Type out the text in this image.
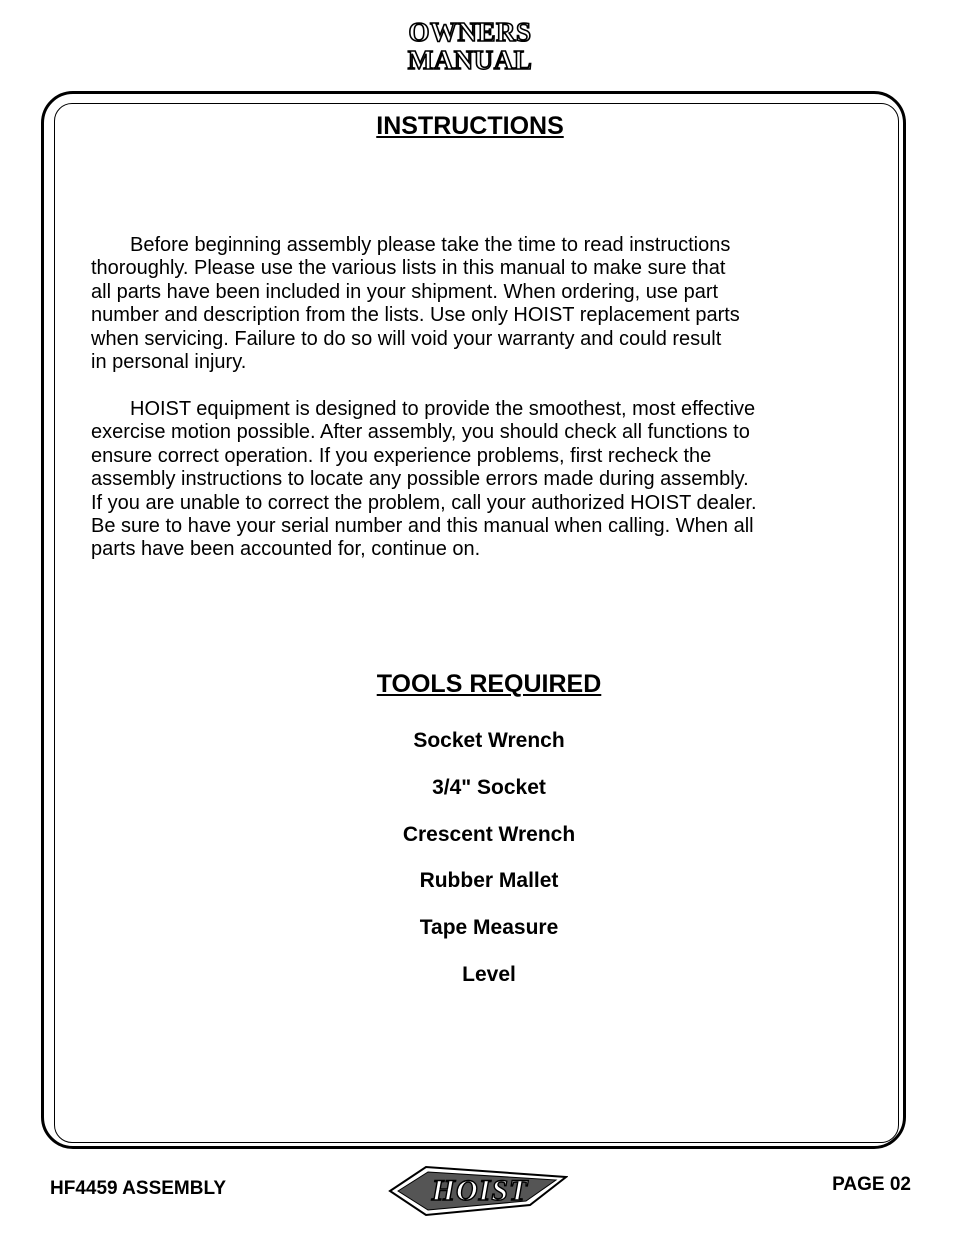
OWNERS
MANUAL
INSTRUCTIONS

Before beginning assembly please take the time to read instructions

thoroughly. Please use the various lists in this manual to make sure that

all parts have been included in your shipment. When ordering, use part

number and description from the lists. Use only HOIST replacement parts

when servicing. Failure to do so will void your warranty and could result

in personal injury.

HOIST equipment is designed to provide the smoothest, most effective

exercise motion possible. After assembly, you should check all functions to

ensure correct operation. If you experience problems, first recheck the

assembly instructions to locate any possible errors made during assembly.

If you are unable to correct the problem, call your authorized HOIST dealer.

Be sure to have your serial number and this manual when calling. When all

parts have been accounted for, continue on.

TOOLS REQUIRED
Socket Wrench
3/4" Socket
Crescent Wrench
Rubber Mallet
Tape Measure
Level
HF4459 ASSEMBLY	HOIST	PAGE 02
